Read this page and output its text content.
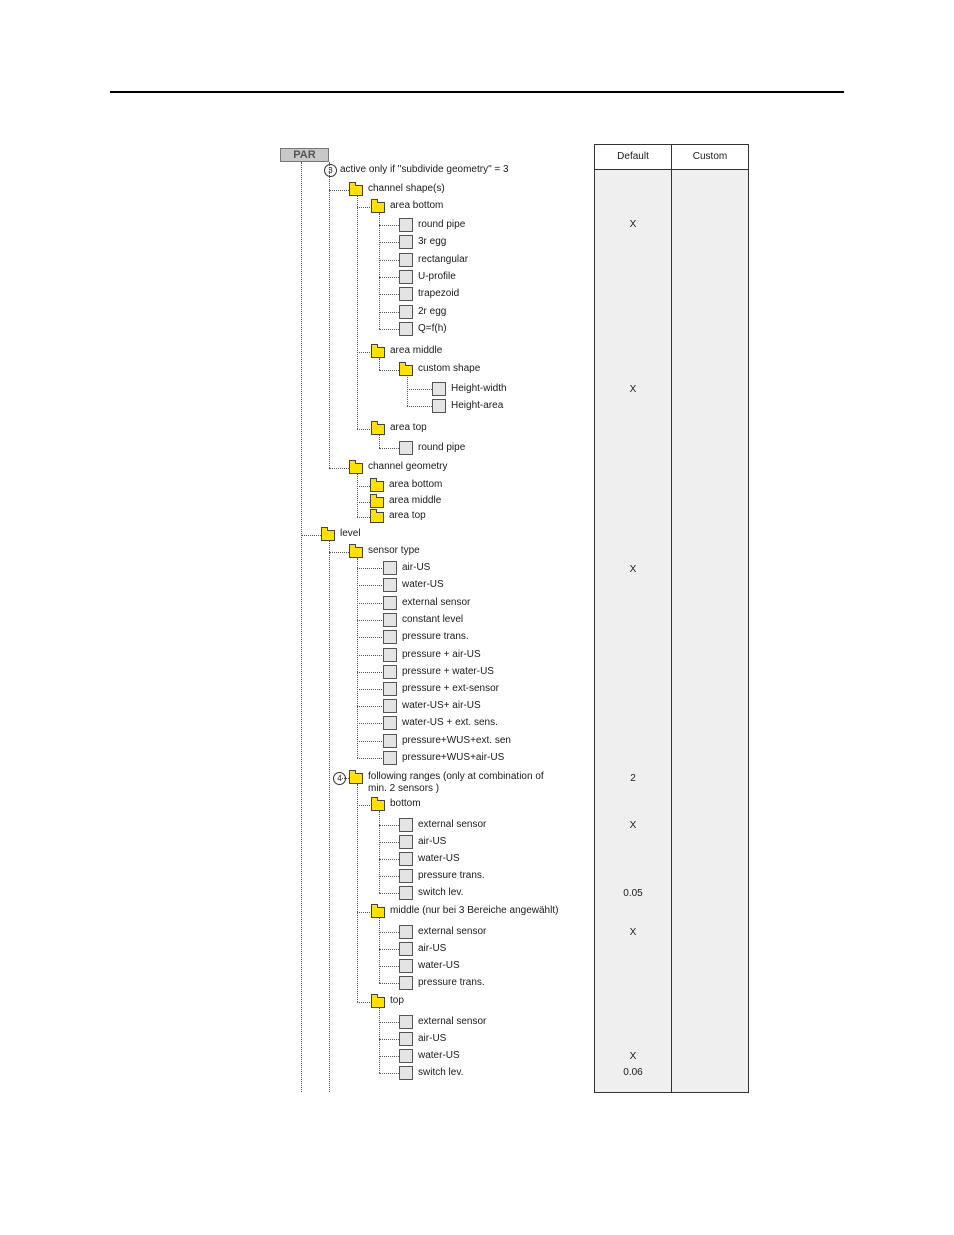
PAR
3 active only if "subdivide geometry" = 3
channel shape(s)
area bottom
round pipe
3r egg
rectangular
U-profile
trapezoid
2r egg
Q=f(h)
area middle
custom shape
Height-width
Height-area
area top
round pipe
channel geometry
area bottom
area middle
area top
level
sensor type
air-US
water-US
external sensor
constant level
pressure trans.
pressure + air-US
pressure + water-US
pressure + ext-sensor
water-US+ air-US
water-US + ext. sens.
pressure+WUS+ext. sen
pressure+WUS+air-US
4	following ranges (only at combination of
min. 2 sensors )
bottom
external sensor
air-US
water-US
pressure trans.
switch lev.
middle (nur bei 3 Bereiche angewählt)
external sensor
air-US
water-US
pressure trans.
top
external sensor
air-US
water-US
switch lev.
Default	Custom
X
X
X
2
X
0.05
X
X
0.06
